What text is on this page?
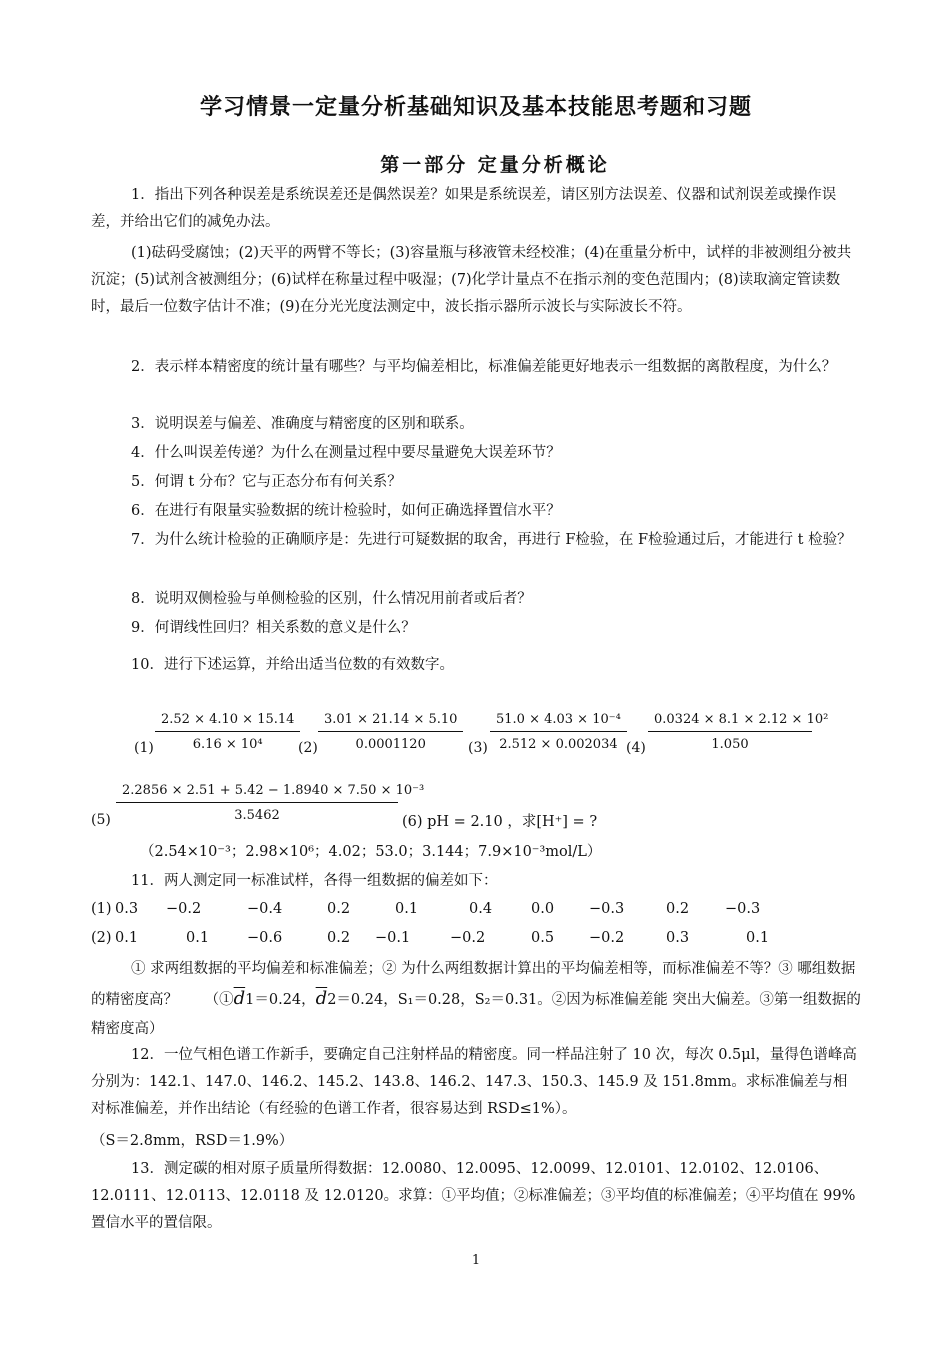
学习情景一定量分析基础知识及基本技能思考题和习题
第一部分 定量分析概论
1．指出下列各种误差是系统误差还是偶然误差？如果是系统误差，请区别方法误差、仪器和试剂误差或操作误差，并给出它们的减免办法。
(1)砝码受腐蚀；(2)天平的两臂不等长；(3)容量瓶与移液管未经校准；(4)在重量分析中，试样的非被测组分被共沉淀；(5)试剂含被测组分；(6)试样在称量过程中吸湿；(7)化学计量点不在指示剂的变色范围内；(8)读取滴定管读数时，最后一位数字估计不准；(9)在分光光度法测定中，波长指示器所示波长与实际波长不符。
2．表示样本精密度的统计量有哪些？与平均偏差相比，标准偏差能更好地表示一组数据的离散程度，为什么？
3．说明误差与偏差、准确度与精密度的区别和联系。
4．什么叫误差传递？为什么在测量过程中要尽量避免大误差环节？
5．何谓 t 分布？它与正态分布有何关系？
6．在进行有限量实验数据的统计检验时，如何正确选择置信水平？
7．为什么统计检验的正确顺序是：先进行可疑数据的取舍，再进行 F检验，在 F检验通过后，才能进行 t 检验？
8．说明双侧检验与单侧检验的区别，什么情况用前者或后者？
9．何谓线性回归？相关系数的意义是什么？
10．进行下述运算，并给出适当位数的有效数字。
$(1) \frac{2.52 \times 4.10 \times 15.14}{\text{6.16 × 10⁴}}$
$(2) \frac{3.01 \times 21.14 \times 5.10}{0.0001120} (3) \frac{\text{51.0 × 4.03 × 10⁻⁴}}{2.512 \times 0.002034} (4) \frac{\text{0.0324 × 8.1 × 2.12 × 10²}}{1.050}$
$(5) \frac{\text{2.2856 × 2.51 + 5.42 − 1.8940 × 7.50 × 10⁻³}}{3.5462} (6)$ pH = 2.10 ，求[H⁺] = ?
（2.54×10⁻³；2.98×10⁶；4.02；53.0；3.144；7.9×10⁻³mol/L）
11．两人测定同一标准试样，各得一组数据的偏差如下：
(1) 0.3 −0.2	−0.4	0.2	0.1	0.4	0.0 −0.3	0.2 −0.3
(2) 0.1	0.1	−0.6	0.2 −0.1	−0.2	0.5 −0.2	0.3	0.1
① 求两组数据的平均偏差和标准偏差；② 为什么两组数据计算出的平均偏差相等，而标准偏差不等？③ 哪组数据的精密度高？ （$①\overline{d}1=0.24$，$\overline{d}2=0.24$，S₁＝0.28，S₂＝0.31。②因为标准偏差能 突出大偏差。③第一组数据的精密度高）
12．一位气相色谱工作新手，要确定自己注射样品的精密度。同一样品注射了 10 次，每次 0.5μl，量得色谱峰高分别为：142.1、147.0、146.2、145.2、143.8、146.2、147.3、150.3、145.9 及 151.8mm。求标准偏差与相对标准偏差，并作出结论（有经验的色谱工作者，很容易达到 RSD≤1%）。
（S＝2.8mm，RSD＝1.9%）
13．测定碳的相对原子质量所得数据：12.0080、12.0095、12.0099、12.0101、12.0102、12.0106、12.0111、12.0113、12.0118 及 12.0120。求算：①平均值；②标准偏差；③平均值的标准偏差；④平均值在 99%置信水平的置信限。
1
